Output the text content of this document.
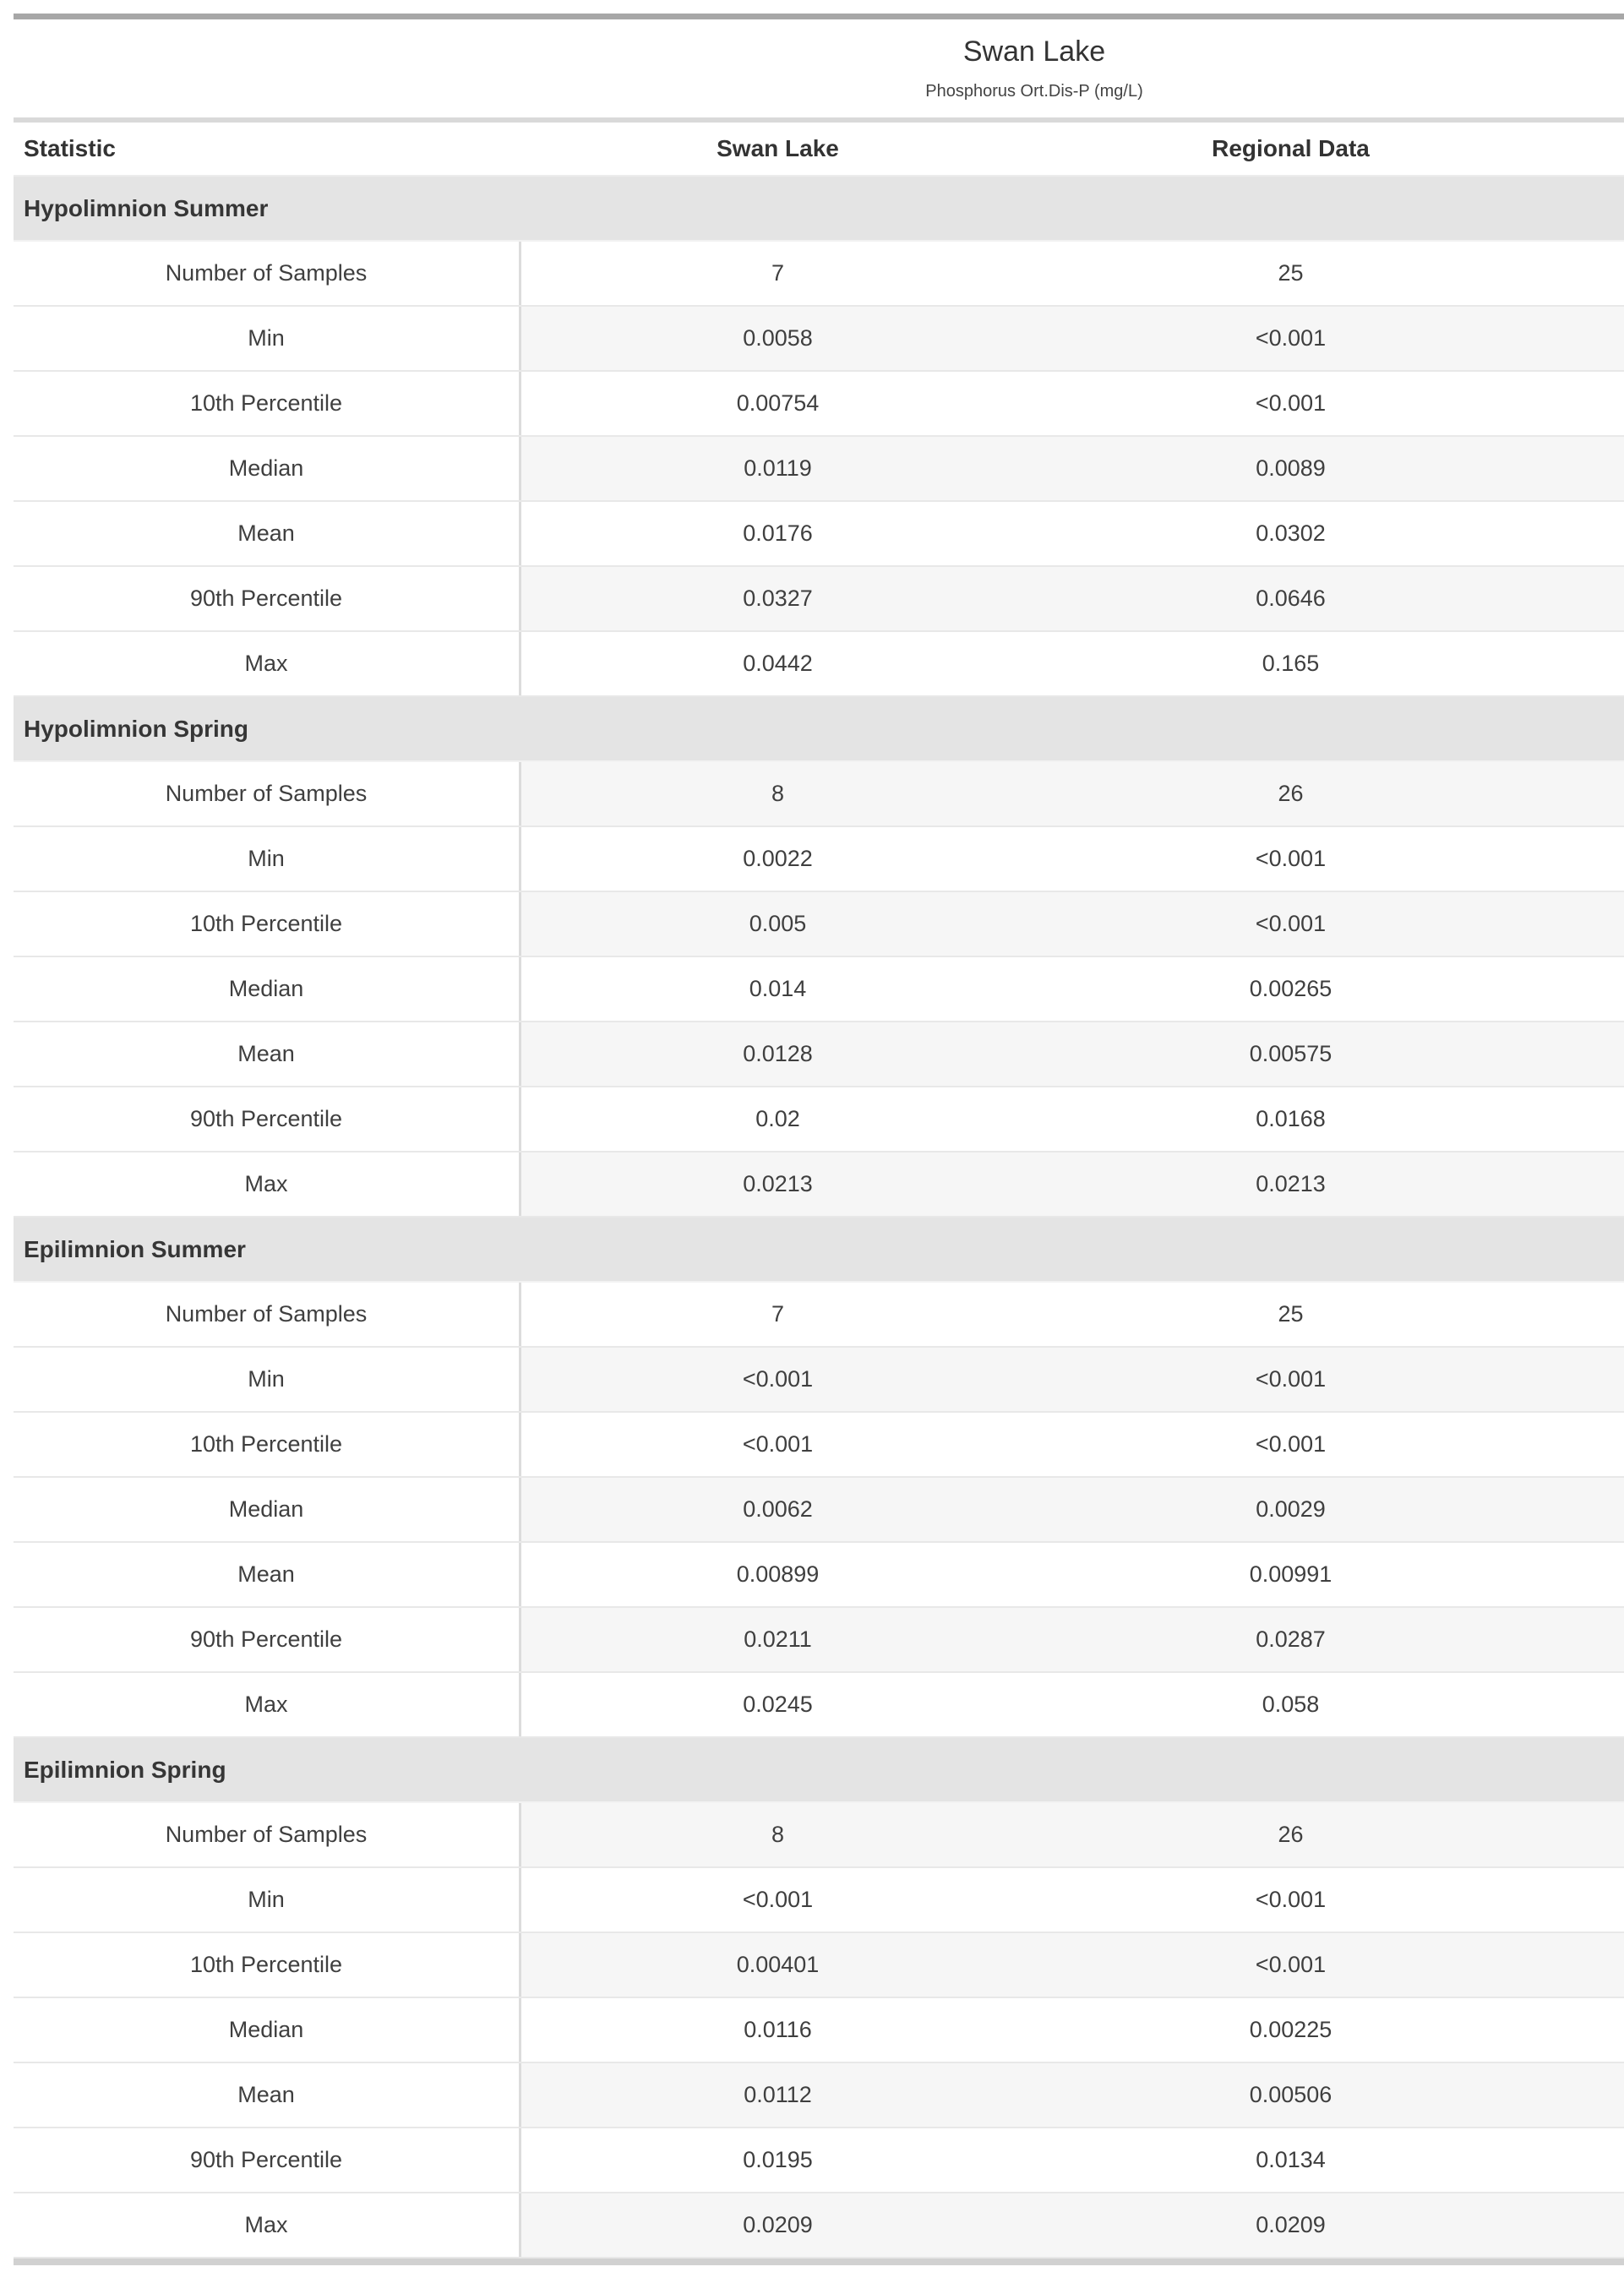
Swan Lake
Phosphorus Ort.Dis-P (mg/L)
Statistic	Swan Lake	Regional Data
Hypolimnion Summer
Number of Samples	7	25
Min	0.0058	<0.001
10th Percentile	0.00754	<0.001
Median	0.0119	0.0089
Mean	0.0176	0.0302
90th Percentile	0.0327	0.0646
Max	0.0442	0.165
Hypolimnion Spring
Number of Samples	8	26
Min	0.0022	<0.001
10th Percentile	0.005	<0.001
Median	0.014	0.00265
Mean	0.0128	0.00575
90th Percentile	0.02	0.0168
Max	0.0213	0.0213
Epilimnion Summer
Number of Samples	7	25
Min	<0.001	<0.001
10th Percentile	<0.001	<0.001
Median	0.0062	0.0029
Mean	0.00899	0.00991
90th Percentile	0.0211	0.0287
Max	0.0245	0.058
Epilimnion Spring
Number of Samples	8	26
Min	<0.001	<0.001
10th Percentile	0.00401	<0.001
Median	0.0116	0.00225
Mean	0.0112	0.00506
90th Percentile	0.0195	0.0134
Max	0.0209	0.0209
